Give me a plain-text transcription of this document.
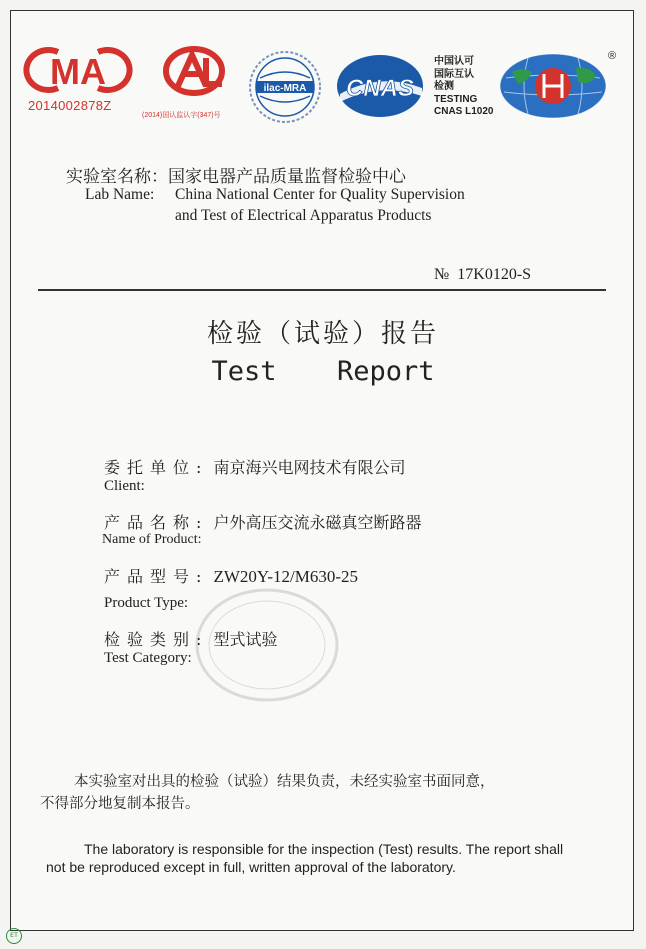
MA
2014002878Z
(2014)国认监认字(347)号
ilac-MRA CNAS
中国认可
国际互认
检测
TESTING
CNAS L1020
®
实验室名称：国家电器产品质量监督检验中心
Lab Name: China National Center for Quality Supervision
and Test of Electrical Apparatus Products
№  17K0120-S
检验（试验）报告
Test  Report
委托单位: 南京海兴电网技术有限公司
Client:
产品名称: 户外高压交流永磁真空断路器
Name of Product:
产品型号: ZW20Y-12/M630-25
Product Type:
检验类别: 型式试验
Test Category:
本实验室对出具的检验（试验）结果负责，未经实验室书面同意，
不得部分地复制本报告。
The laboratory is responsible for the inspection (Test) results. The report shall
not be reproduced except in full, written approval of the laboratory.
ET
